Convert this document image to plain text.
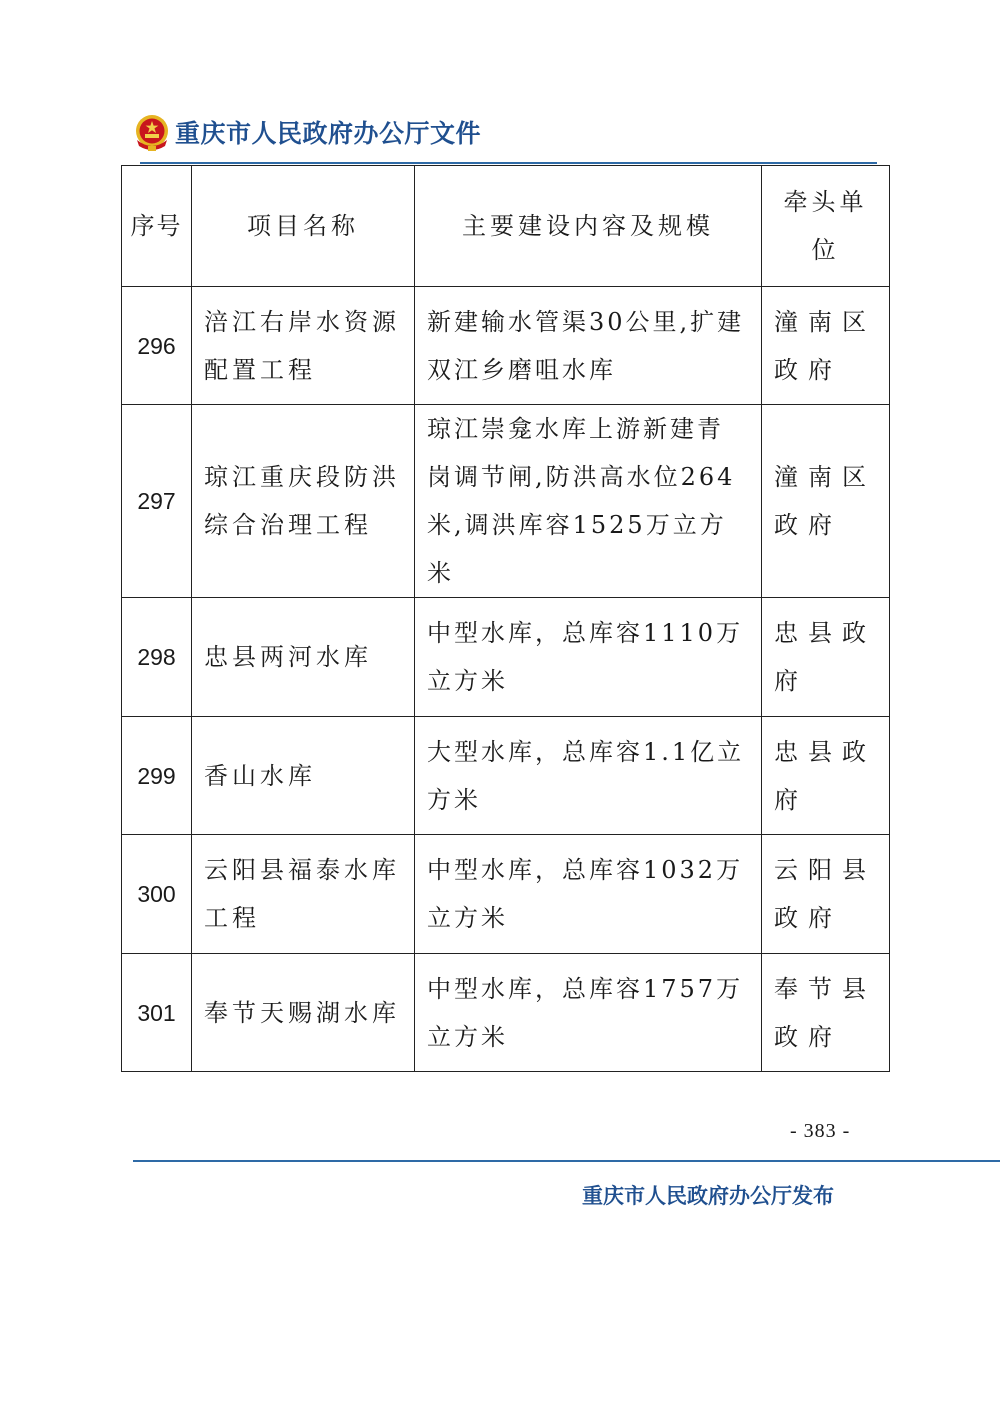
重庆市人民政府办公厅文件
序号	项目名称	主要建设内容及规模	牵头单位
296	涪江右岸水资源配置工程	新建输水管渠30公里,扩建双江乡磨咀水库	潼南区政府
297	琼江重庆段防洪综合治理工程	琼江崇龛水库上游新建青岗调节闸,防洪高水位264米,调洪库容1525万立方米	潼南区政府
298	忠县两河水库	中型水库，总库容1110万立方米	忠县政府
299	香山水库	大型水库，总库容1.1亿立方米	忠县政府
300	云阳县福泰水库工程	中型水库，总库容1032万立方米	云阳县政府
301	奉节天赐湖水库	中型水库，总库容1757万立方米	奉节县政府
- 383 -
重庆市人民政府办公厅发布
